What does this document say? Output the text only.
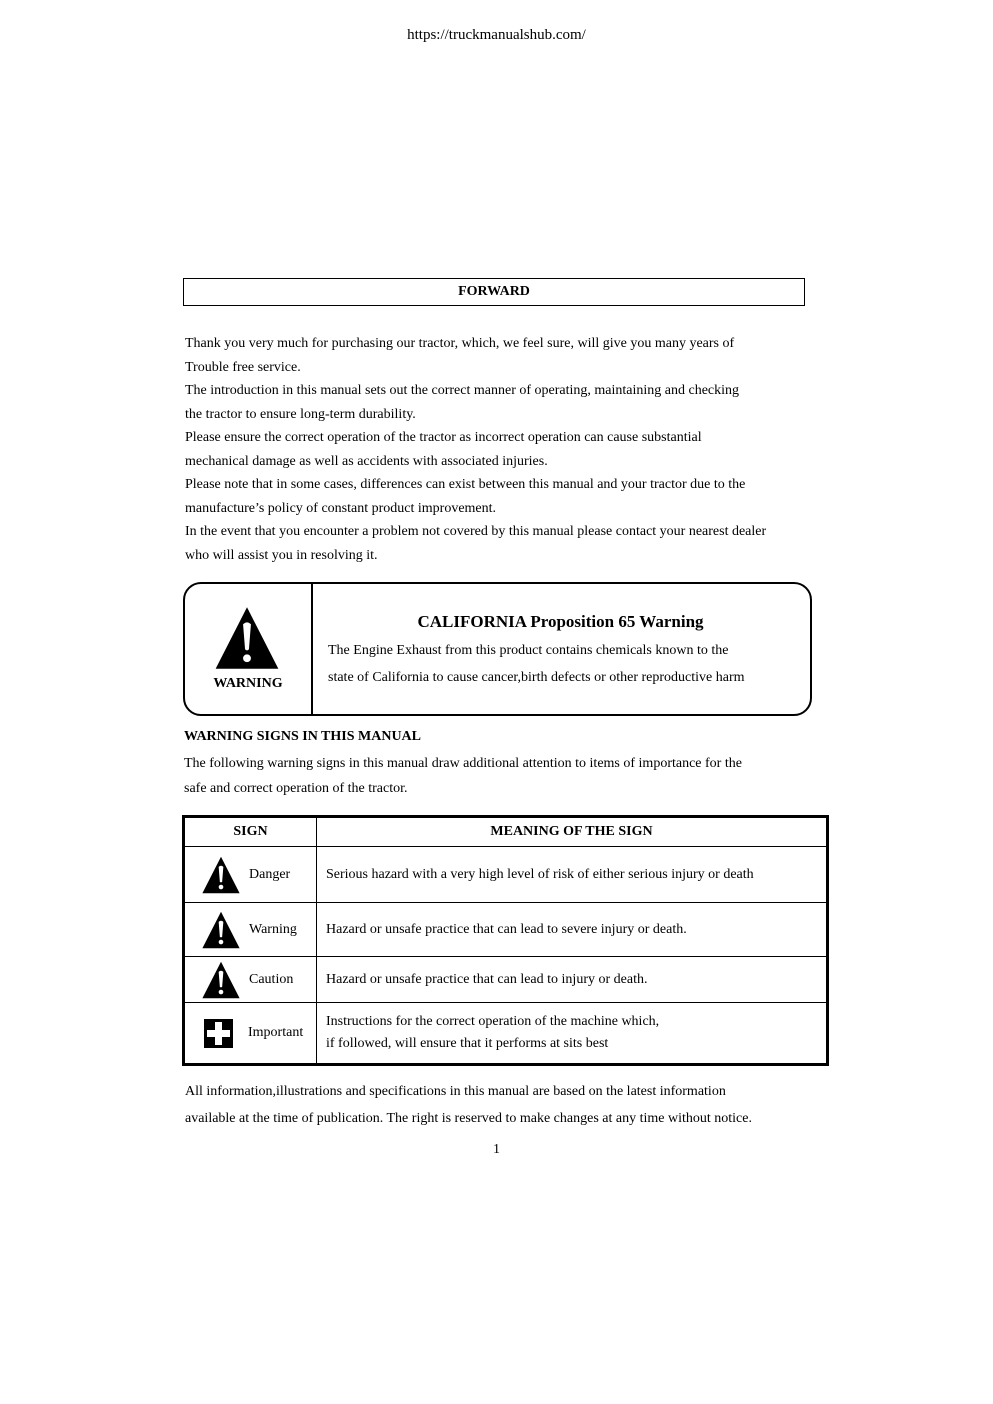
https://truckmanualshub.com/
FORWARD

Thank you very much for purchasing our tractor, which, we feel sure, will give you many years of

Trouble free service.

The introduction in this manual sets out the correct manner of operating, maintaining and checking

the tractor to ensure long-term durability.

Please ensure the correct operation of the tractor as incorrect operation can cause substantial

mechanical damage as well as accidents with associated injuries.

Please note that in some cases, differences can exist between this manual and your tractor due to the

manufacture’s policy of constant product improvement.

In the event that you encounter a problem not covered by this manual please contact your nearest dealer

who will assist you in resolving it.

WARNING
CALIFORNIA Proposition 65 Warning
The Engine Exhaust from this product contains chemicals known to the
state of California to cause cancer,birth defects or other reproductive harm
WARNING SIGNS IN THIS MANUAL

The following warning signs in this manual draw additional attention to items of importance for the

safe and correct operation of the tractor.

SIGN	MEANING OF THE SIGN

Danger	Serious hazard with a very high level of risk of either serious injury or death

Warning	Hazard or unsafe practice that can lead to severe injury or death.

Caution	Hazard or unsafe practice that can lead to injury or death.

Important	Instructions for the correct operation of the machine which,

if followed, will ensure that it performs at sits best

All information,illustrations and specifications in this manual are based on the latest information

available at the time of publication. The right is reserved to make changes at any time without notice.

1
